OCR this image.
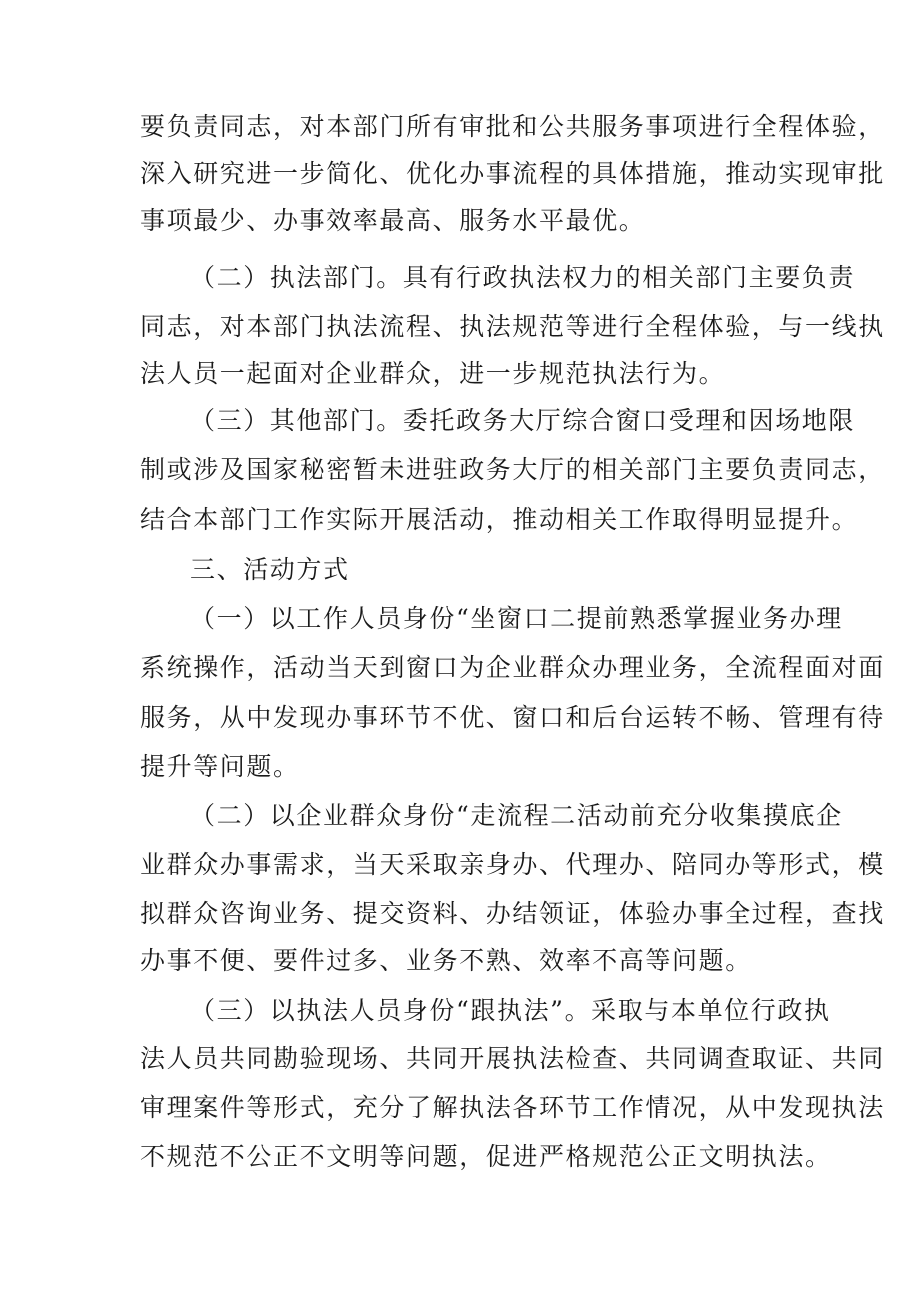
要负责同志，对本部门所有审批和公共服务事项进行全程体验，
深入研究进一步简化、优化办事流程的具体措施，推动实现审批
事项最少、办事效率最高、服务水平最优。
（二）执法部门。具有行政执法权力的相关部门主要负责
同志，对本部门执法流程、执法规范等进行全程体验，与一线执
法人员一起面对企业群众，进一步规范执法行为。
（三）其他部门。委托政务大厅综合窗口受理和因场地限
制或涉及国家秘密暂未进驻政务大厅的相关部门主要负责同志，
结合本部门工作实际开展活动，推动相关工作取得明显提升。
三、活动方式
（一）以工作人员身份“坐窗口二提前熟悉掌握业务办理
系统操作，活动当天到窗口为企业群众办理业务，全流程面对面
服务，从中发现办事环节不优、窗口和后台运转不畅、管理有待
提升等问题。
（二）以企业群众身份“走流程二活动前充分收集摸底企
业群众办事需求，当天采取亲身办、代理办、陪同办等形式，模
拟群众咨询业务、提交资料、办结领证，体验办事全过程，查找
办事不便、要件过多、业务不熟、效率不高等问题。
（三）以执法人员身份“跟执法”。采取与本单位行政执
法人员共同勘验现场、共同开展执法检查、共同调查取证、共同
审理案件等形式，充分了解执法各环节工作情况，从中发现执法
不规范不公正不文明等问题，促进严格规范公正文明执法。
